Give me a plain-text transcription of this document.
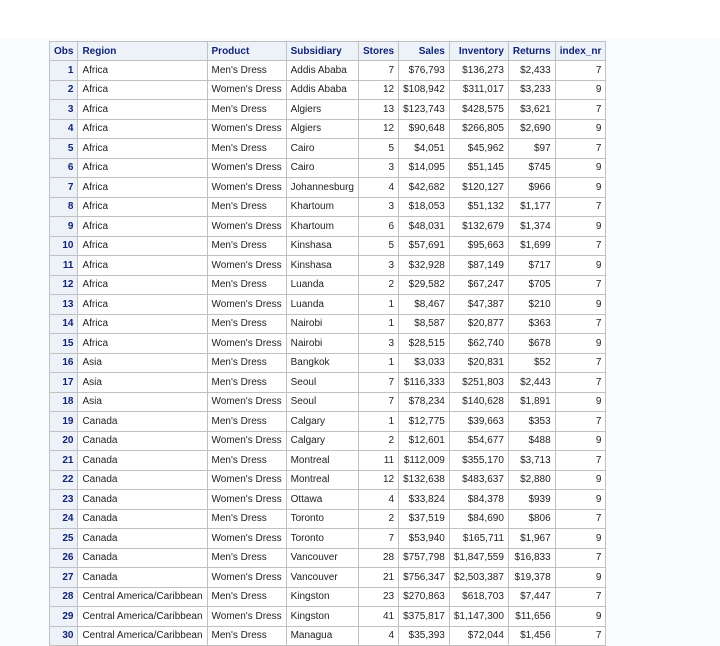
Obs	Region	Product	Subsidiary	Stores	Sales	Inventory	Returns	index_nr
1	Africa	Men's Dress	Addis Ababa	7	$76,793	$136,273	$2,433	7
2	Africa	Women's Dress	Addis Ababa	12	$108,942	$311,017	$3,233	9
3	Africa	Men's Dress	Algiers	13	$123,743	$428,575	$3,621	7
4	Africa	Women's Dress	Algiers	12	$90,648	$266,805	$2,690	9
5	Africa	Men's Dress	Cairo	5	$4,051	$45,962	$97	7
6	Africa	Women's Dress	Cairo	3	$14,095	$51,145	$745	9
7	Africa	Women's Dress	Johannesburg	4	$42,682	$120,127	$966	9
8	Africa	Men's Dress	Khartoum	3	$18,053	$51,132	$1,177	7
9	Africa	Women's Dress	Khartoum	6	$48,031	$132,679	$1,374	9
10	Africa	Men's Dress	Kinshasa	5	$57,691	$95,663	$1,699	7
11	Africa	Women's Dress	Kinshasa	3	$32,928	$87,149	$717	9
12	Africa	Men's Dress	Luanda	2	$29,582	$67,247	$705	7
13	Africa	Women's Dress	Luanda	1	$8,467	$47,387	$210	9
14	Africa	Men's Dress	Nairobi	1	$8,587	$20,877	$363	7
15	Africa	Women's Dress	Nairobi	3	$28,515	$62,740	$678	9
16	Asia	Men's Dress	Bangkok	1	$3,033	$20,831	$52	7
17	Asia	Men's Dress	Seoul	7	$116,333	$251,803	$2,443	7
18	Asia	Women's Dress	Seoul	7	$78,234	$140,628	$1,891	9
19	Canada	Men's Dress	Calgary	1	$12,775	$39,663	$353	7
20	Canada	Women's Dress	Calgary	2	$12,601	$54,677	$488	9
21	Canada	Men's Dress	Montreal	11	$112,009	$355,170	$3,713	7
22	Canada	Women's Dress	Montreal	12	$132,638	$483,637	$2,880	9
23	Canada	Women's Dress	Ottawa	4	$33,824	$84,378	$939	9
24	Canada	Men's Dress	Toronto	2	$37,519	$84,690	$806	7
25	Canada	Women's Dress	Toronto	7	$53,940	$165,711	$1,967	9
26	Canada	Men's Dress	Vancouver	28	$757,798	$1,847,559	$16,833	7
27	Canada	Women's Dress	Vancouver	21	$756,347	$2,503,387	$19,378	9
28	Central America/Caribbean	Men's Dress	Kingston	23	$270,863	$618,703	$7,447	7
29	Central America/Caribbean	Women's Dress	Kingston	41	$375,817	$1,147,300	$11,656	9
30	Central America/Caribbean	Men's Dress	Managua	4	$35,393	$72,044	$1,456	7
